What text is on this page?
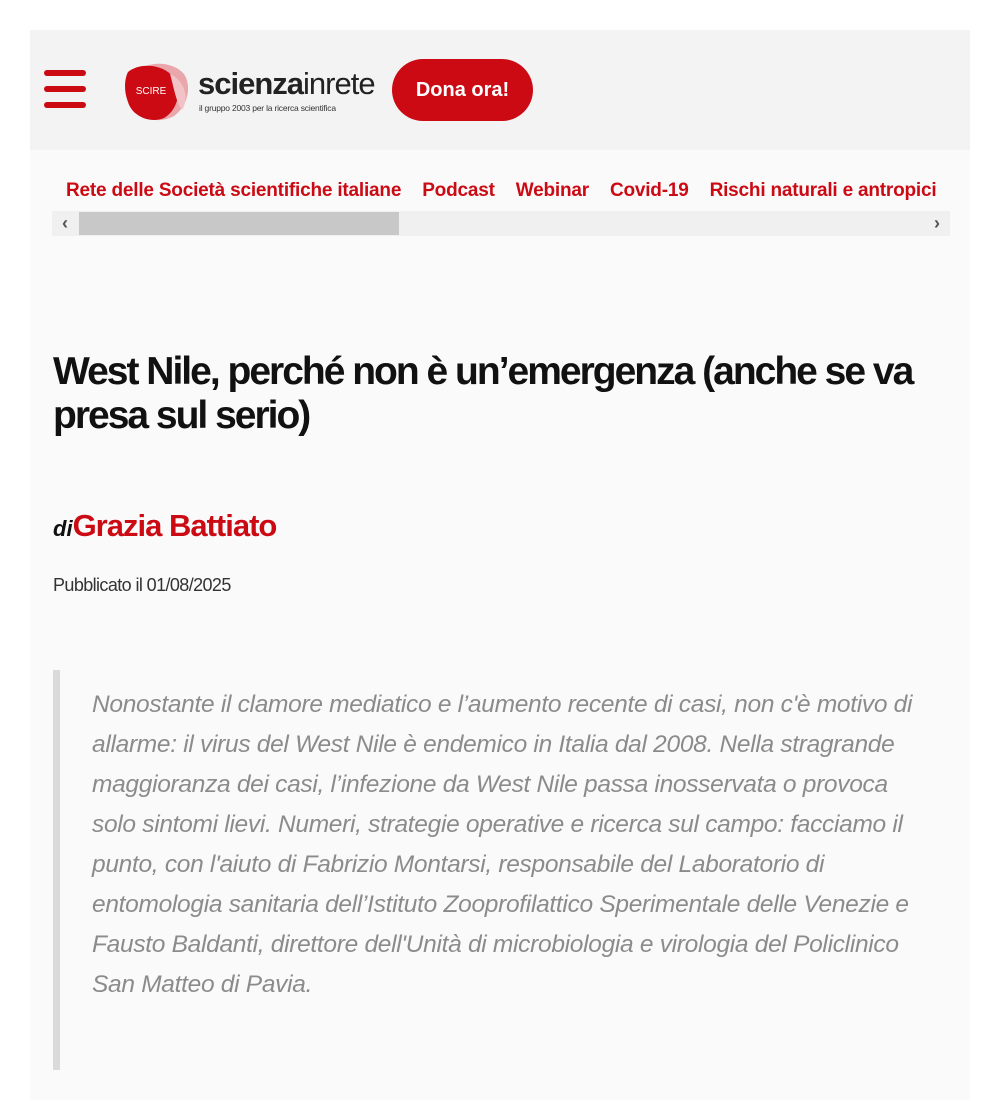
SCIRE scienzainrete
il gruppo 2003 per la ricerca scientifica
Dona ora!
Rete delle Società scientifiche italiane Podcast Webinar Covid-19 Rischi naturali e antropici
‹	›
West Nile, perché non è un’emergenza (anche se va presa sul serio)
diGrazia Battiato
Pubblicato il 01/08/2025

Nonostante il clamore mediatico e l’aumento recente di casi, non c'è motivo di allarme: il virus del West Nile è endemico in Italia dal 2008. Nella stragrande maggioranza dei casi, l’infezione da West Nile passa inosservata o provoca solo sintomi lievi. Numeri, strategie operative e ricerca sul campo: facciamo il punto, con l'aiuto di Fabrizio Montarsi, responsabile del Laboratorio di entomologia sanitaria dell’Istituto Zooprofilattico Sperimentale delle Venezie e Fausto Baldanti, direttore dell'Unità di microbiologia e virologia del Policlinico San Matteo di Pavia.
